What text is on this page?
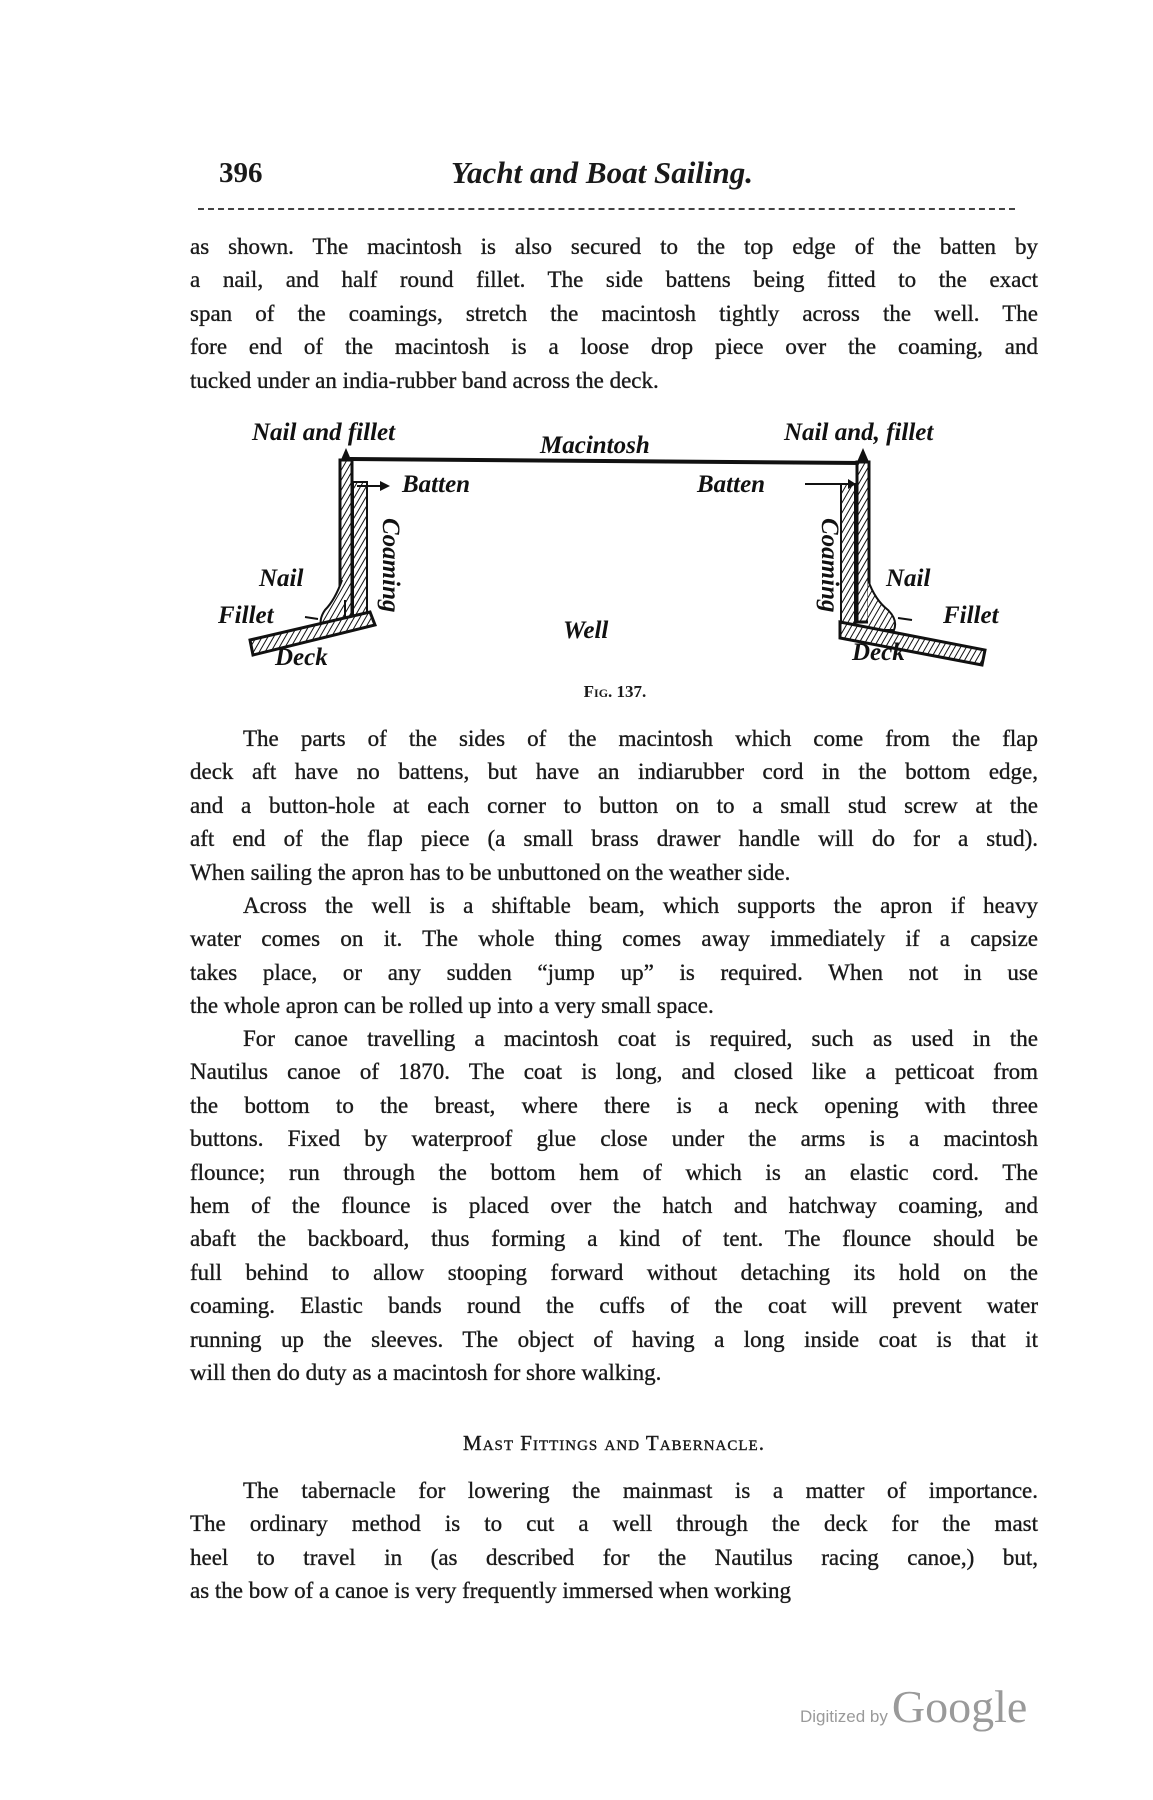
396	Yacht and Boat Sailing.
as shown. The macintosh is also secured to the top edge of the batten by
a nail, and half round fillet. The side battens being fitted to the exact
span of the coamings, stretch the macintosh tightly across the well. The
fore end of the macintosh is a loose drop piece over the coaming, and
tucked under an india-rubber band across the deck.
The parts of the sides of the macintosh which come from the flap
deck aft have no battens, but have an indiarubber cord in the bottom edge,
and a button-hole at each corner to button on to a small stud screw at the
aft end of the flap piece (a small brass drawer handle will do for a stud).
When sailing the apron has to be unbuttoned on the weather side.
Across the well is a shiftable beam, which supports the apron if heavy
water comes on it. The whole thing comes away immediately if a capsize
takes place, or any sudden “jump up” is required. When not in use
the whole apron can be rolled up into a very small space.
For canoe travelling a macintosh coat is required, such as used in the
Nautilus canoe of 1870. The coat is long, and closed like a petticoat from
the bottom to the breast, where there is a neck opening with three
buttons. Fixed by waterproof glue close under the arms is a macintosh
flounce; run through the bottom hem of which is an elastic cord. The
hem of the flounce is placed over the hatch and hatchway coaming, and
abaft the backboard, thus forming a kind of tent. The flounce should be
full behind to allow stooping forward without detaching its hold on the
coaming. Elastic bands round the cuffs of the coat will prevent water
running up the sleeves. The object of having a long inside coat is that it
will then do duty as a macintosh for shore walking.
The tabernacle for lowering the mainmast is a matter of importance.
The ordinary method is to cut a well through the deck for the mast
heel to travel in (as described for the Nautilus racing canoe,) but,
as the bow of a canoe is very frequently immersed when working
Nail and fillet	Nail and, fillet
Macintosh
Batten	Batten
Coaming	Coaming
Nail	Nail
Fillet	Fillet
Deck	Deck
Well
Fig. 137.
Mast Fittings and Tabernacle.
Digitized by Google
